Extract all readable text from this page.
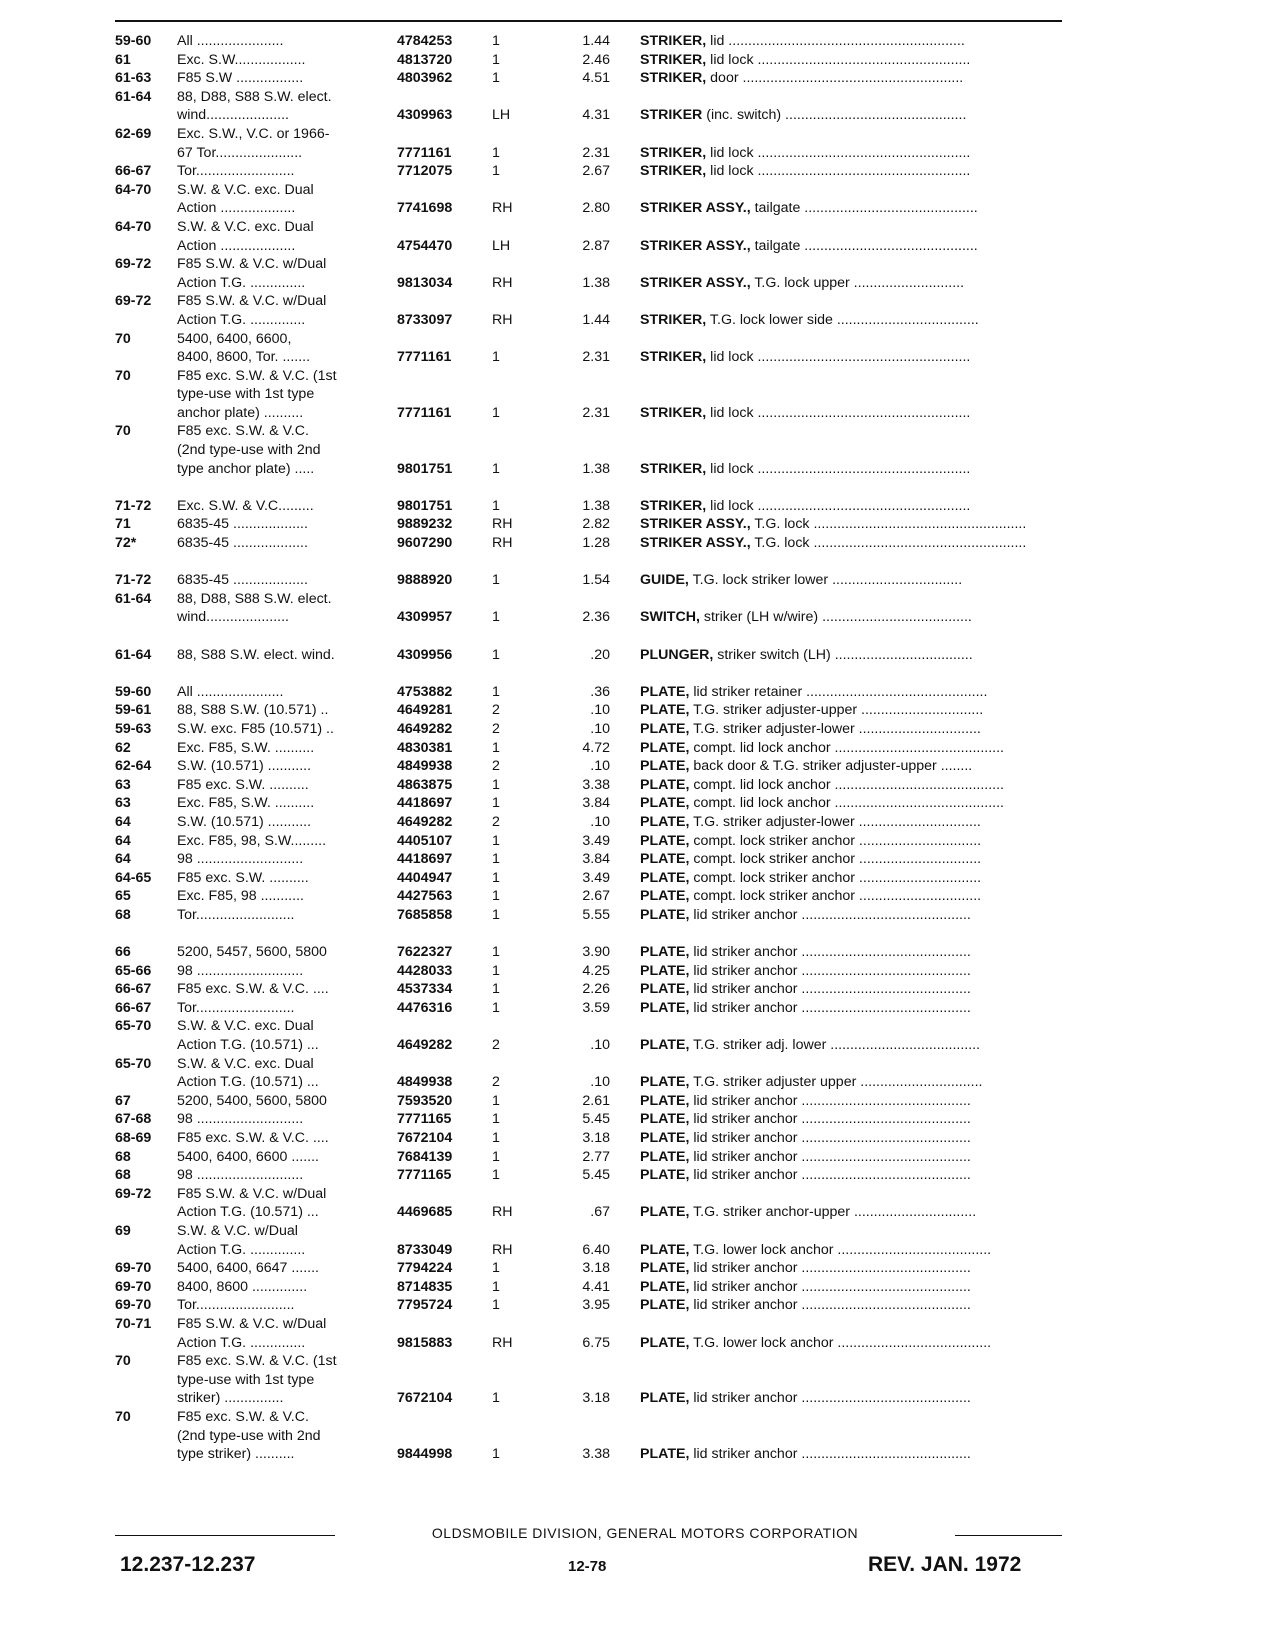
59-60	All ......................	4784253	1	1.44	STRIKER, lid ............................................................
61	Exc. S.W..................	4813720	1	2.46	STRIKER, lid lock ......................................................
61-63	F85 S.W .................	4803962	1	4.51	STRIKER, door ........................................................
61-64	88, D88, S88 S.W. elect.
wind.....................	4309963	LH	4.31	STRIKER (inc. switch) ..............................................
62-69	Exc. S.W., V.C. or 1966-
67 Tor......................	7771161	1	2.31	STRIKER, lid lock ......................................................
66-67	Tor.........................	7712075	1	2.67	STRIKER, lid lock ......................................................
64-70	S.W. & V.C. exc. Dual
Action ...................	7741698	RH	2.80	STRIKER ASSY., tailgate ............................................
64-70	S.W. & V.C. exc. Dual
Action ...................	4754470	LH	2.87	STRIKER ASSY., tailgate ............................................
69-72	F85 S.W. & V.C. w/Dual
Action T.G. ..............	9813034	RH	1.38	STRIKER ASSY., T.G. lock upper ............................
69-72	F85 S.W. & V.C. w/Dual
Action T.G. ..............	8733097	RH	1.44	STRIKER, T.G. lock lower side ....................................
70	5400, 6400, 6600,
8400, 8600, Tor. .......	7771161	1	2.31	STRIKER, lid lock ......................................................
70	F85 exc. S.W. & V.C. (1st
type-use with 1st type
anchor plate) ..........	7771161	1	2.31	STRIKER, lid lock ......................................................
70	F85 exc. S.W. & V.C.
(2nd type-use with 2nd
type anchor plate) .....	9801751	1	1.38	STRIKER, lid lock ......................................................
71-72	Exc. S.W. & V.C.........	9801751	1	1.38	STRIKER, lid lock ......................................................
71	6835-45 ...................	9889232	RH	2.82	STRIKER ASSY., T.G. lock ......................................................
72*	6835-45 ...................	9607290	RH	1.28	STRIKER ASSY., T.G. lock ......................................................
71-72	6835-45 ...................	9888920	1	1.54	GUIDE, T.G. lock striker lower .................................
61-64	88, D88, S88 S.W. elect.
wind.....................	4309957	1	2.36	SWITCH, striker (LH w/wire) ......................................
61-64	88, S88 S.W. elect. wind.	4309956	1	.20	PLUNGER, striker switch (LH) ...................................
59-60	All ......................	4753882	1	.36	PLATE, lid striker retainer ..............................................
59-61	88, S88 S.W. (10.571) ..	4649281	2	.10	PLATE, T.G. striker adjuster-upper ...............................
59-63	S.W. exc. F85 (10.571) ..	4649282	2	.10	PLATE, T.G. striker adjuster-lower ...............................
62	Exc. F85, S.W. ..........	4830381	1	4.72	PLATE, compt. lid lock anchor ...........................................
62-64	S.W. (10.571) ...........	4849938	2	.10	PLATE, back door & T.G. striker adjuster-upper ........
63	F85 exc. S.W. ..........	4863875	1	3.38	PLATE, compt. lid lock anchor ...........................................
63	Exc. F85, S.W. ..........	4418697	1	3.84	PLATE, compt. lid lock anchor ...........................................
64	S.W. (10.571) ...........	4649282	2	.10	PLATE, T.G. striker adjuster-lower ...............................
64	Exc. F85, 98, S.W.........	4405107	1	3.49	PLATE, compt. lock striker anchor ...............................
64	98 ...........................	4418697	1	3.84	PLATE, compt. lock striker anchor ...............................
64-65	F85 exc. S.W. ..........	4404947	1	3.49	PLATE, compt. lock striker anchor ...............................
65	Exc. F85, 98 ...........	4427563	1	2.67	PLATE, compt. lock striker anchor ...............................
68	Tor.........................	7685858	1	5.55	PLATE, lid striker anchor ...........................................
66	5200, 5457, 5600, 5800	7622327	1	3.90	PLATE, lid striker anchor ...........................................
65-66	98 ...........................	4428033	1	4.25	PLATE, lid striker anchor ...........................................
66-67	F85 exc. S.W. & V.C. ....	4537334	1	2.26	PLATE, lid striker anchor ...........................................
66-67	Tor.........................	4476316	1	3.59	PLATE, lid striker anchor ...........................................
65-70	S.W. & V.C. exc. Dual
Action T.G. (10.571) ...	4649282	2	.10	PLATE, T.G. striker adj. lower ......................................
65-70	S.W. & V.C. exc. Dual
Action T.G. (10.571) ...	4849938	2	.10	PLATE, T.G. striker adjuster upper ...............................
67	5200, 5400, 5600, 5800	7593520	1	2.61	PLATE, lid striker anchor ...........................................
67-68	98 ...........................	7771165	1	5.45	PLATE, lid striker anchor ...........................................
68-69	F85 exc. S.W. & V.C. ....	7672104	1	3.18	PLATE, lid striker anchor ...........................................
68	5400, 6400, 6600 .......	7684139	1	2.77	PLATE, lid striker anchor ...........................................
68	98 ...........................	7771165	1	5.45	PLATE, lid striker anchor ...........................................
69-72	F85 S.W. & V.C. w/Dual
Action T.G. (10.571) ...	4469685	RH	.67	PLATE, T.G. striker anchor-upper ...............................
69	S.W. & V.C. w/Dual
Action T.G. ..............	8733049	RH	6.40	PLATE, T.G. lower lock anchor .......................................
69-70	5400, 6400, 6647 .......	7794224	1	3.18	PLATE, lid striker anchor ...........................................
69-70	8400, 8600 ..............	8714835	1	4.41	PLATE, lid striker anchor ...........................................
69-70	Tor.........................	7795724	1	3.95	PLATE, lid striker anchor ...........................................
70-71	F85 S.W. & V.C. w/Dual
Action T.G. ..............	9815883	RH	6.75	PLATE, T.G. lower lock anchor .......................................
70	F85 exc. S.W. & V.C. (1st
type-use with 1st type
striker) ...............	7672104	1	3.18	PLATE, lid striker anchor ...........................................
70	F85 exc. S.W. & V.C.
(2nd type-use with 2nd
type striker) ..........	9844998	1	3.38	PLATE, lid striker anchor ...........................................
OLDSMOBILE DIVISION, GENERAL MOTORS CORPORATION
12.237-12.237	12-78	REV. JAN. 1972
